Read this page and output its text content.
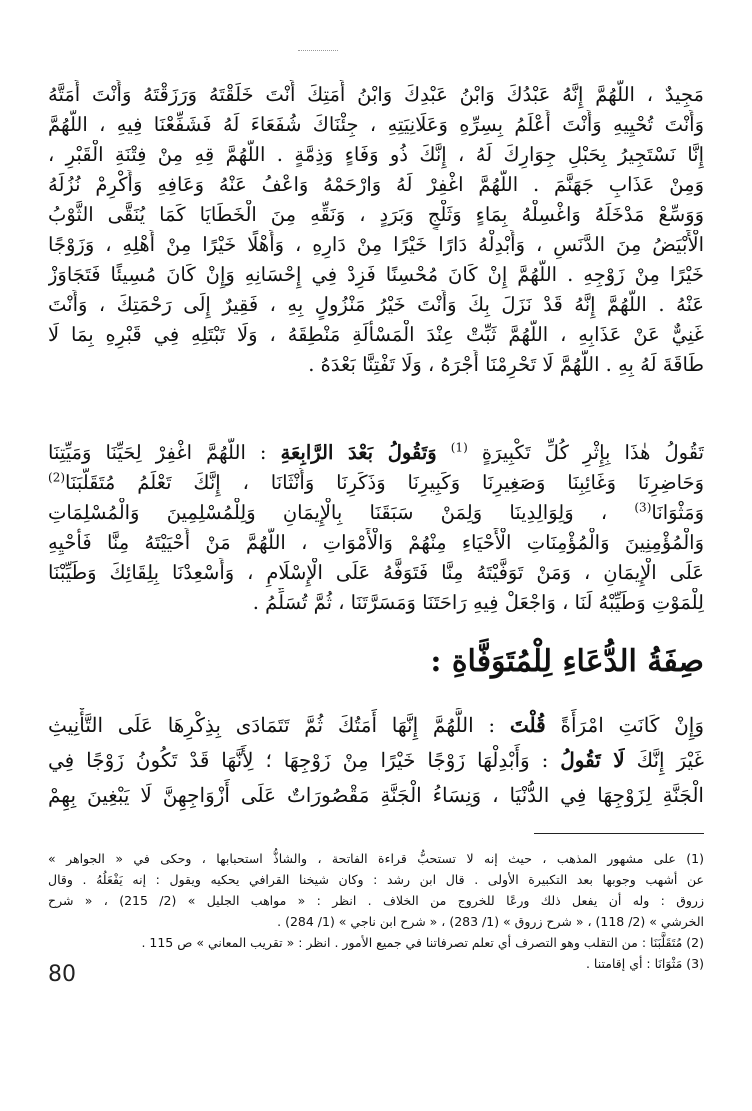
مَجِيدٌ ، اللَّهُمَّ إِنَّهُ عَبْدُكَ وَابْنُ عَبْدِكَ وَابْنُ أَمَتِكَ أَنْتَ خَلَقْتَهُ وَرَزَقْتَهُ وَأَنْتَ أَمَتَّهُ
وَأَنْتَ تُحْيِيهِ وَأَنْتَ أَعْلَمُ بِسِرِّهِ وَعَلَانِيَتِهِ ، جِئْنَاكَ شُفَعَاءَ لَهُ فَشَفِّعْنَا فِيهِ ، اللَّهُمَّ
إِنَّا نَسْتَجِيرُ بِحَبْلِ جِوَارِكَ لَهُ ، إِنَّكَ ذُو وَفَاءٍ وَذِمَّةٍ . اللَّهُمَّ قِهِ مِنْ فِتْنَةِ الْقَبْرِ ،
وَمِنْ عَذَابِ جَهَنَّمَ . اللَّهُمَّ اغْفِرْ لَهُ وَارْحَمْهُ وَاعْفُ عَنْهُ وَعَافِهِ وَأَكْرِمْ نُزُلَهُ
وَوَسِّعْ مَدْخَلَهُ وَاغْسِلْهُ بِمَاءٍ وَثَلْجٍ وَبَرَدٍ ، وَنَقِّهِ مِنَ الْخَطَايَا كَمَا يُنَقَّى الثَّوْبُ
الْأَبْيَضُ مِنَ الدَّنَسِ ، وَأَبْدِلْهُ دَارًا خَيْرًا مِنْ دَارِهِ ، وَأَهْلًا خَيْرًا مِنْ أَهْلِهِ ، وَزَوْجًا
خَيْرًا مِنْ زَوْجِهِ . اللَّهُمَّ إِنْ كَانَ مُحْسِنًا فَزِدْ فِي إِحْسَانِهِ وَإِنْ كَانَ مُسِيئًا فَتَجَاوَزْ
عَنْهُ . اللَّهُمَّ إِنَّهُ قَدْ نَزَلَ بِكَ وَأَنْتَ خَيْرُ مَنْزُولٍ بِهِ ، فَقِيرٌ إِلَى رَحْمَتِكَ ، وَأَنْتَ
غَنِيٌّ عَنْ عَذَابِهِ ، اللَّهُمَّ ثَبِّتْ عِنْدَ الْمَسْأَلَةِ مَنْطِقَهُ ، وَلَا تَبْتَلِهِ فِي قَبْرِهِ بِمَا لَا
طَاقَةَ لَهُ بِهِ . اللَّهُمَّ لَا تَحْرِمْنَا أَجْرَهُ ، وَلَا تَفْتِنَّا بَعْدَهُ .
تَقُولُ هٰذَا بِإِثْرِ كُلِّ تَكْبِيرَةٍ $^{(1)}$ وَتَقُولُ بَعْدَ الرَّابِعَةِ : اللَّهُمَّ اغْفِرْ لِحَيِّنَا وَمَيِّتِنَا
وَحَاضِرِنَا وَغَائِبِنَا وَصَغِيرِنَا وَكَبِيرِنَا وَذَكَرِنَا وَأُنْثَانَا ، إِنَّكَ تَعْلَمُ مُتَقَلَّبَنَا$^{(2)}$
وَمَثْوَانَا$^{(3)}$ ، وَلِوَالِدِينَا وَلِمَنْ سَبَقَنَا بِالْإِيمَانِ وَلِلْمُسْلِمِينَ وَالْمُسْلِمَاتِ
وَالْمُؤْمِنِينَ وَالْمُؤْمِنَاتِ الْأَحْيَاءِ مِنْهُمْ وَالْأَمْوَاتِ ، اللَّهُمَّ مَنْ أَحْيَيْتَهُ مِنَّا فَأَحْيِهِ
عَلَى الْإِيمَانِ ، وَمَنْ تَوَفَّيْتَهُ مِنَّا فَتَوَفَّهُ عَلَى الْإِسْلَامِ ، وَأَسْعِدْنَا بِلِقَائِكَ وَطَيِّبْنَا
لِلْمَوْتِ وَطَيِّبْهُ لَنَا ، وَاجْعَلْ فِيهِ رَاحَتَنَا وَمَسَرَّتَنَا ، ثُمَّ تُسَلِّمُ .
صِفَةُ الدُّعَاءِ لِلْمُتَوَفَّاةِ :
وَإِنْ كَانَتِ امْرَأَةً قُلْتَ : اللَّهُمَّ إِنَّهَا أَمَتُكَ ثُمَّ تَتَمَادَى بِذِكْرِهَا عَلَى التَّأْنِيثِ
غَيْرَ إِنَّكَ لَا تَقُولُ : وَأَبْدِلْهَا زَوْجًا خَيْرًا مِنْ زَوْجِهَا ؛ لِأَنَّهَا قَدْ تَكُونُ زَوْجًا فِي
الْجَنَّةِ لِزَوْجِهَا فِي الدُّنْيَا ، وَنِسَاءُ الْجَنَّةِ مَقْصُورَاتٌ عَلَى أَزْوَاجِهِنَّ لَا يَبْغِينَ بِهِمْ
(1) على مشهور المذهب ، حيث إنه لا تستحبُّ قراءة الفاتحة ، والشاذُّ استحبابها ، وحكى في « الجواهر »
عن أشهب وجوبها بعد التكبيرة الأولى . قال ابن رشد : وكان شيخنا القرافي يحكيه ويقول : إنه يَفْعَلُهُ . وقال
زروق : وله أن يفعل ذلك ورعًا للخروج من الخلاف . انظر : « مواهب الجليل » (2/ 215) ، « شرح
الخرشي » (2/ 118) ، « شرح زروق » (1/ 283) ، « شرح ابن ناجي » (1/ 284) .
(2) مُتَقَلَّبَنَا : من التقلب وهو التصرف أي تعلم تصرفاتنا في جميع الأمور . انظر : « تقريب المعاني » ص 115 .
(3) مَثْوَانَا : أي إقامتنا .
80
